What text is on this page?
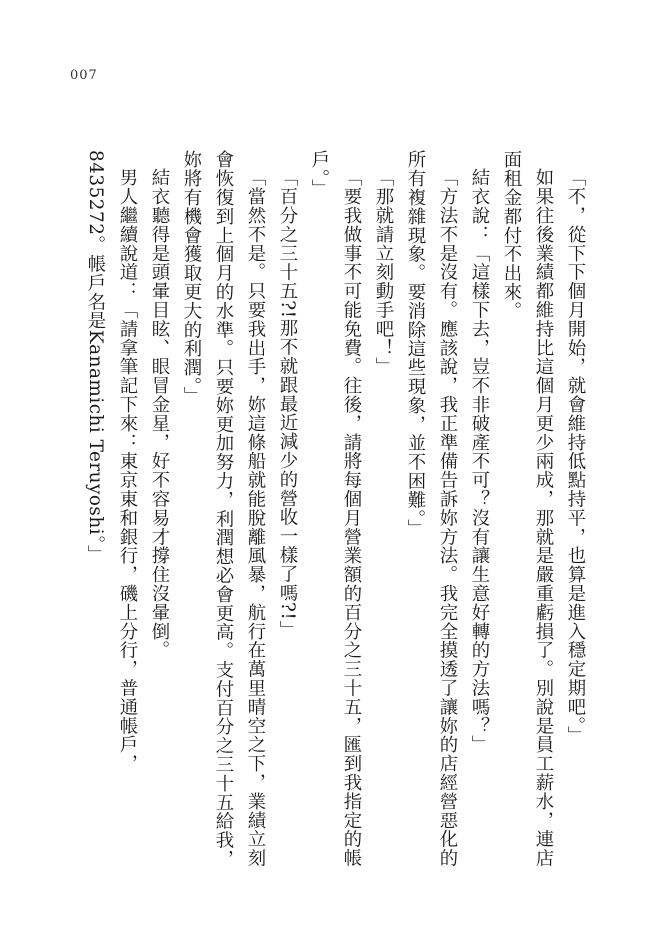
007

「不，從下下個月開始，就會維持低點持平，也算是進入穩定期吧。」

如果往後業績都維持比這個月更少兩成，那就是嚴重虧損了。別說是員工薪水，連店面租金都付不出來。

結衣說：「這樣下去，豈不非破產不可？沒有讓生意好轉的方法嗎？」

「方法不是沒有。應該說，我正準備告訴妳方法。我完全摸透了讓妳的店經營惡化的所有複雜現象。要消除這些現象，並不困難。」

「那就請立刻動手吧！」

「要我做事不可能免費。往後，請將每個月營業額的百分之三十五，匯到我指定的帳戶。」

「百分之三十五?!那不就跟最近減少的營收一樣了嗎?!」

「當然不是。只要我出手，妳這條船就能脫離風暴，航行在萬里晴空之下，業績立刻會恢復到上個月的水準。只要妳更加努力，利潤想必會更高。支付百分之三十五給我，妳將有機會獲取更大的利潤。」

結衣聽得是頭暈目眩、眼冒金星，好不容易才撐住沒暈倒。

男人繼續說道：「請拿筆記下來：東京東和銀行，磯上分行，普通帳戶，8435272。帳戶名是Kanamichi Teruyoshi。」
